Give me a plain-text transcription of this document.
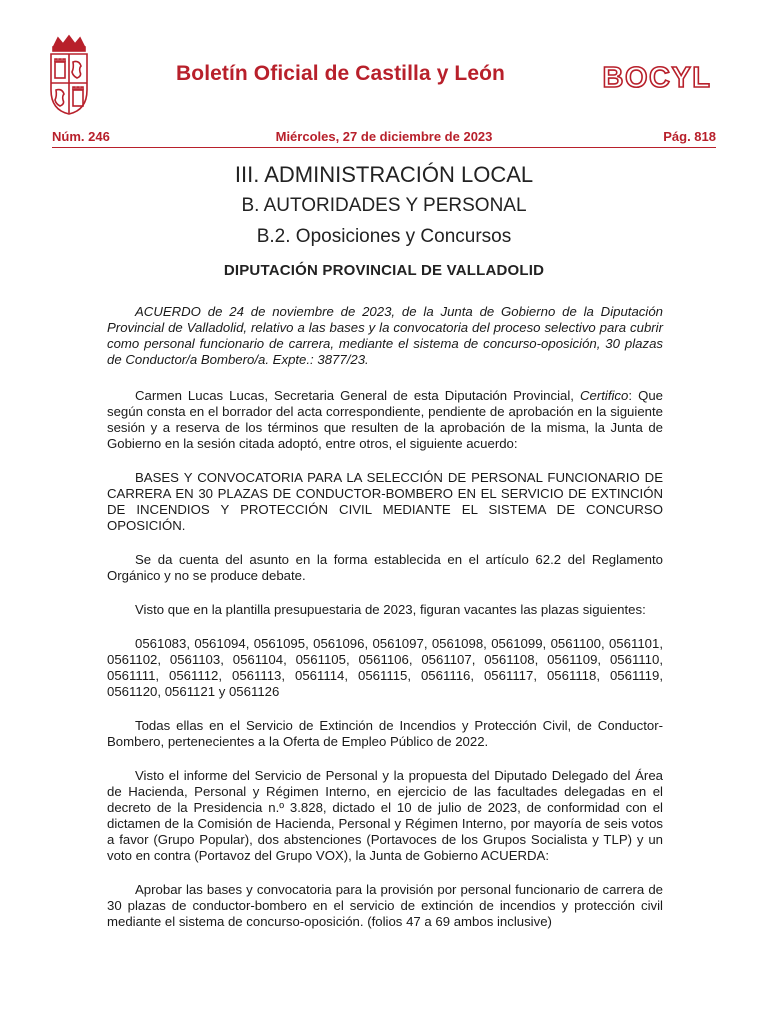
Boletín Oficial de Castilla y León	BOCYL
Núm. 246	Miércoles, 27 de diciembre de 2023	Pág. 818
III. ADMINISTRACIÓN LOCAL
B. AUTORIDADES Y PERSONAL
B.2. Oposiciones y Concursos
DIPUTACIÓN PROVINCIAL DE VALLADOLID

ACUERDO de 24 de noviembre de 2023, de la Junta de Gobierno de la Diputación Provincial de Valladolid, relativo a las bases y la convocatoria del proceso selectivo para cubrir como personal funcionario de carrera, mediante el sistema de concurso-oposición, 30 plazas de Conductor/a Bombero/a. Expte.: 3877/23.

Carmen Lucas Lucas, Secretaria General de esta Diputación Provincial, Certifico: Que según consta en el borrador del acta correspondiente, pendiente de aprobación en la siguiente sesión y a reserva de los términos que resulten de la aprobación de la misma, la Junta de Gobierno en la sesión citada adoptó, entre otros, el siguiente acuerdo:

BASES Y CONVOCATORIA PARA LA SELECCIÓN DE PERSONAL FUNCIONARIO DE CARRERA EN 30 PLAZAS DE CONDUCTOR-BOMBERO EN EL SERVICIO DE EXTINCIÓN DE INCENDIOS Y PROTECCIÓN CIVIL MEDIANTE EL SISTEMA DE CONCURSO OPOSICIÓN.

Se da cuenta del asunto en la forma establecida en el artículo 62.2 del Reglamento Orgánico y no se produce debate.

Visto que en la plantilla presupuestaria de 2023, figuran vacantes las plazas siguientes:

0561083, 0561094, 0561095, 0561096, 0561097, 0561098, 0561099, 0561100, 0561101, 0561102, 0561103, 0561104, 0561105, 0561106, 0561107, 0561108, 0561109, 0561110, 0561111, 0561112, 0561113, 0561114, 0561115, 0561116, 0561117, 0561118, 0561119, 0561120, 0561121 y 0561126

Todas ellas en el Servicio de Extinción de Incendios y Protección Civil, de Conductor-Bombero, pertenecientes a la Oferta de Empleo Público de 2022.

Visto el informe del Servicio de Personal y la propuesta del Diputado Delegado del Área de Hacienda, Personal y Régimen Interno, en ejercicio de las facultades delegadas en el decreto de la Presidencia n.º 3.828, dictado el 10 de julio de 2023, de conformidad con el dictamen de la Comisión de Hacienda, Personal y Régimen Interno, por mayoría de seis votos a favor (Grupo Popular), dos abstenciones (Portavoces de los Grupos Socialista y TLP) y un voto en contra (Portavoz del Grupo VOX), la Junta de Gobierno ACUERDA:

Aprobar las bases y convocatoria para la provisión por personal funcionario de carrera de 30 plazas de conductor-bombero en el servicio de extinción de incendios y protección civil mediante el sistema de concurso-oposición. (folios 47 a 69 ambos inclusive)
